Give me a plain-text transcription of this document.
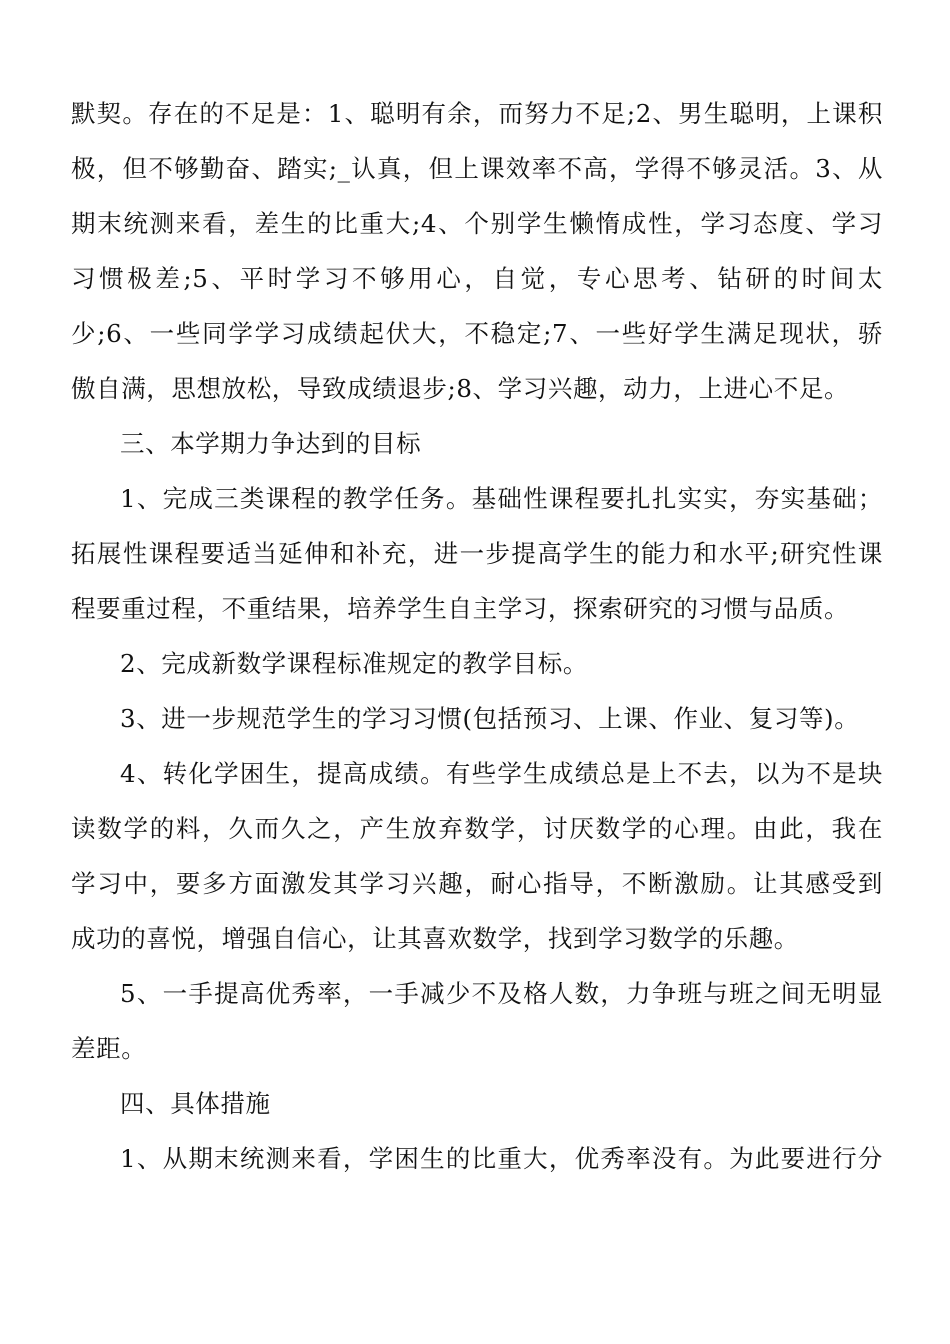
默契。存在的不足是：1、聪明有余，而努力不足;2、男生聪明，上课积
极，但不够勤奋、踏实;_认真，但上课效率不高，学得不够灵活。3、从
期末统测来看，差生的比重大;4、个别学生懒惰成性，学习态度、学习
习惯极差;5、平时学习不够用心，自觉，专心思考、钻研的时间太
少;6、一些同学学习成绩起伏大，不稳定;7、一些好学生满足现状，骄
傲自满，思想放松，导致成绩退步;8、学习兴趣，动力，上进心不足。

三、本学期力争达到的目标

1、完成三类课程的教学任务。基础性课程要扎扎实实，夯实基础；
拓展性课程要适当延伸和补充，进一步提高学生的能力和水平;研究性课
程要重过程，不重结果，培养学生自主学习，探索研究的习惯与品质。

2、完成新数学课程标准规定的教学目标。

3、进一步规范学生的学习习惯(包括预习、上课、作业、复习等)。

4、转化学困生，提高成绩。有些学生成绩总是上不去，以为不是块
读数学的料，久而久之，产生放弃数学，讨厌数学的心理。由此，我在
学习中，要多方面激发其学习兴趣，耐心指导，不断激励。让其感受到
成功的喜悦，增强自信心，让其喜欢数学，找到学习数学的乐趣。

5、一手提高优秀率，一手减少不及格人数，力争班与班之间无明显
差距。

四、具体措施

1、从期末统测来看，学困生的比重大，优秀率没有。为此要进行分
